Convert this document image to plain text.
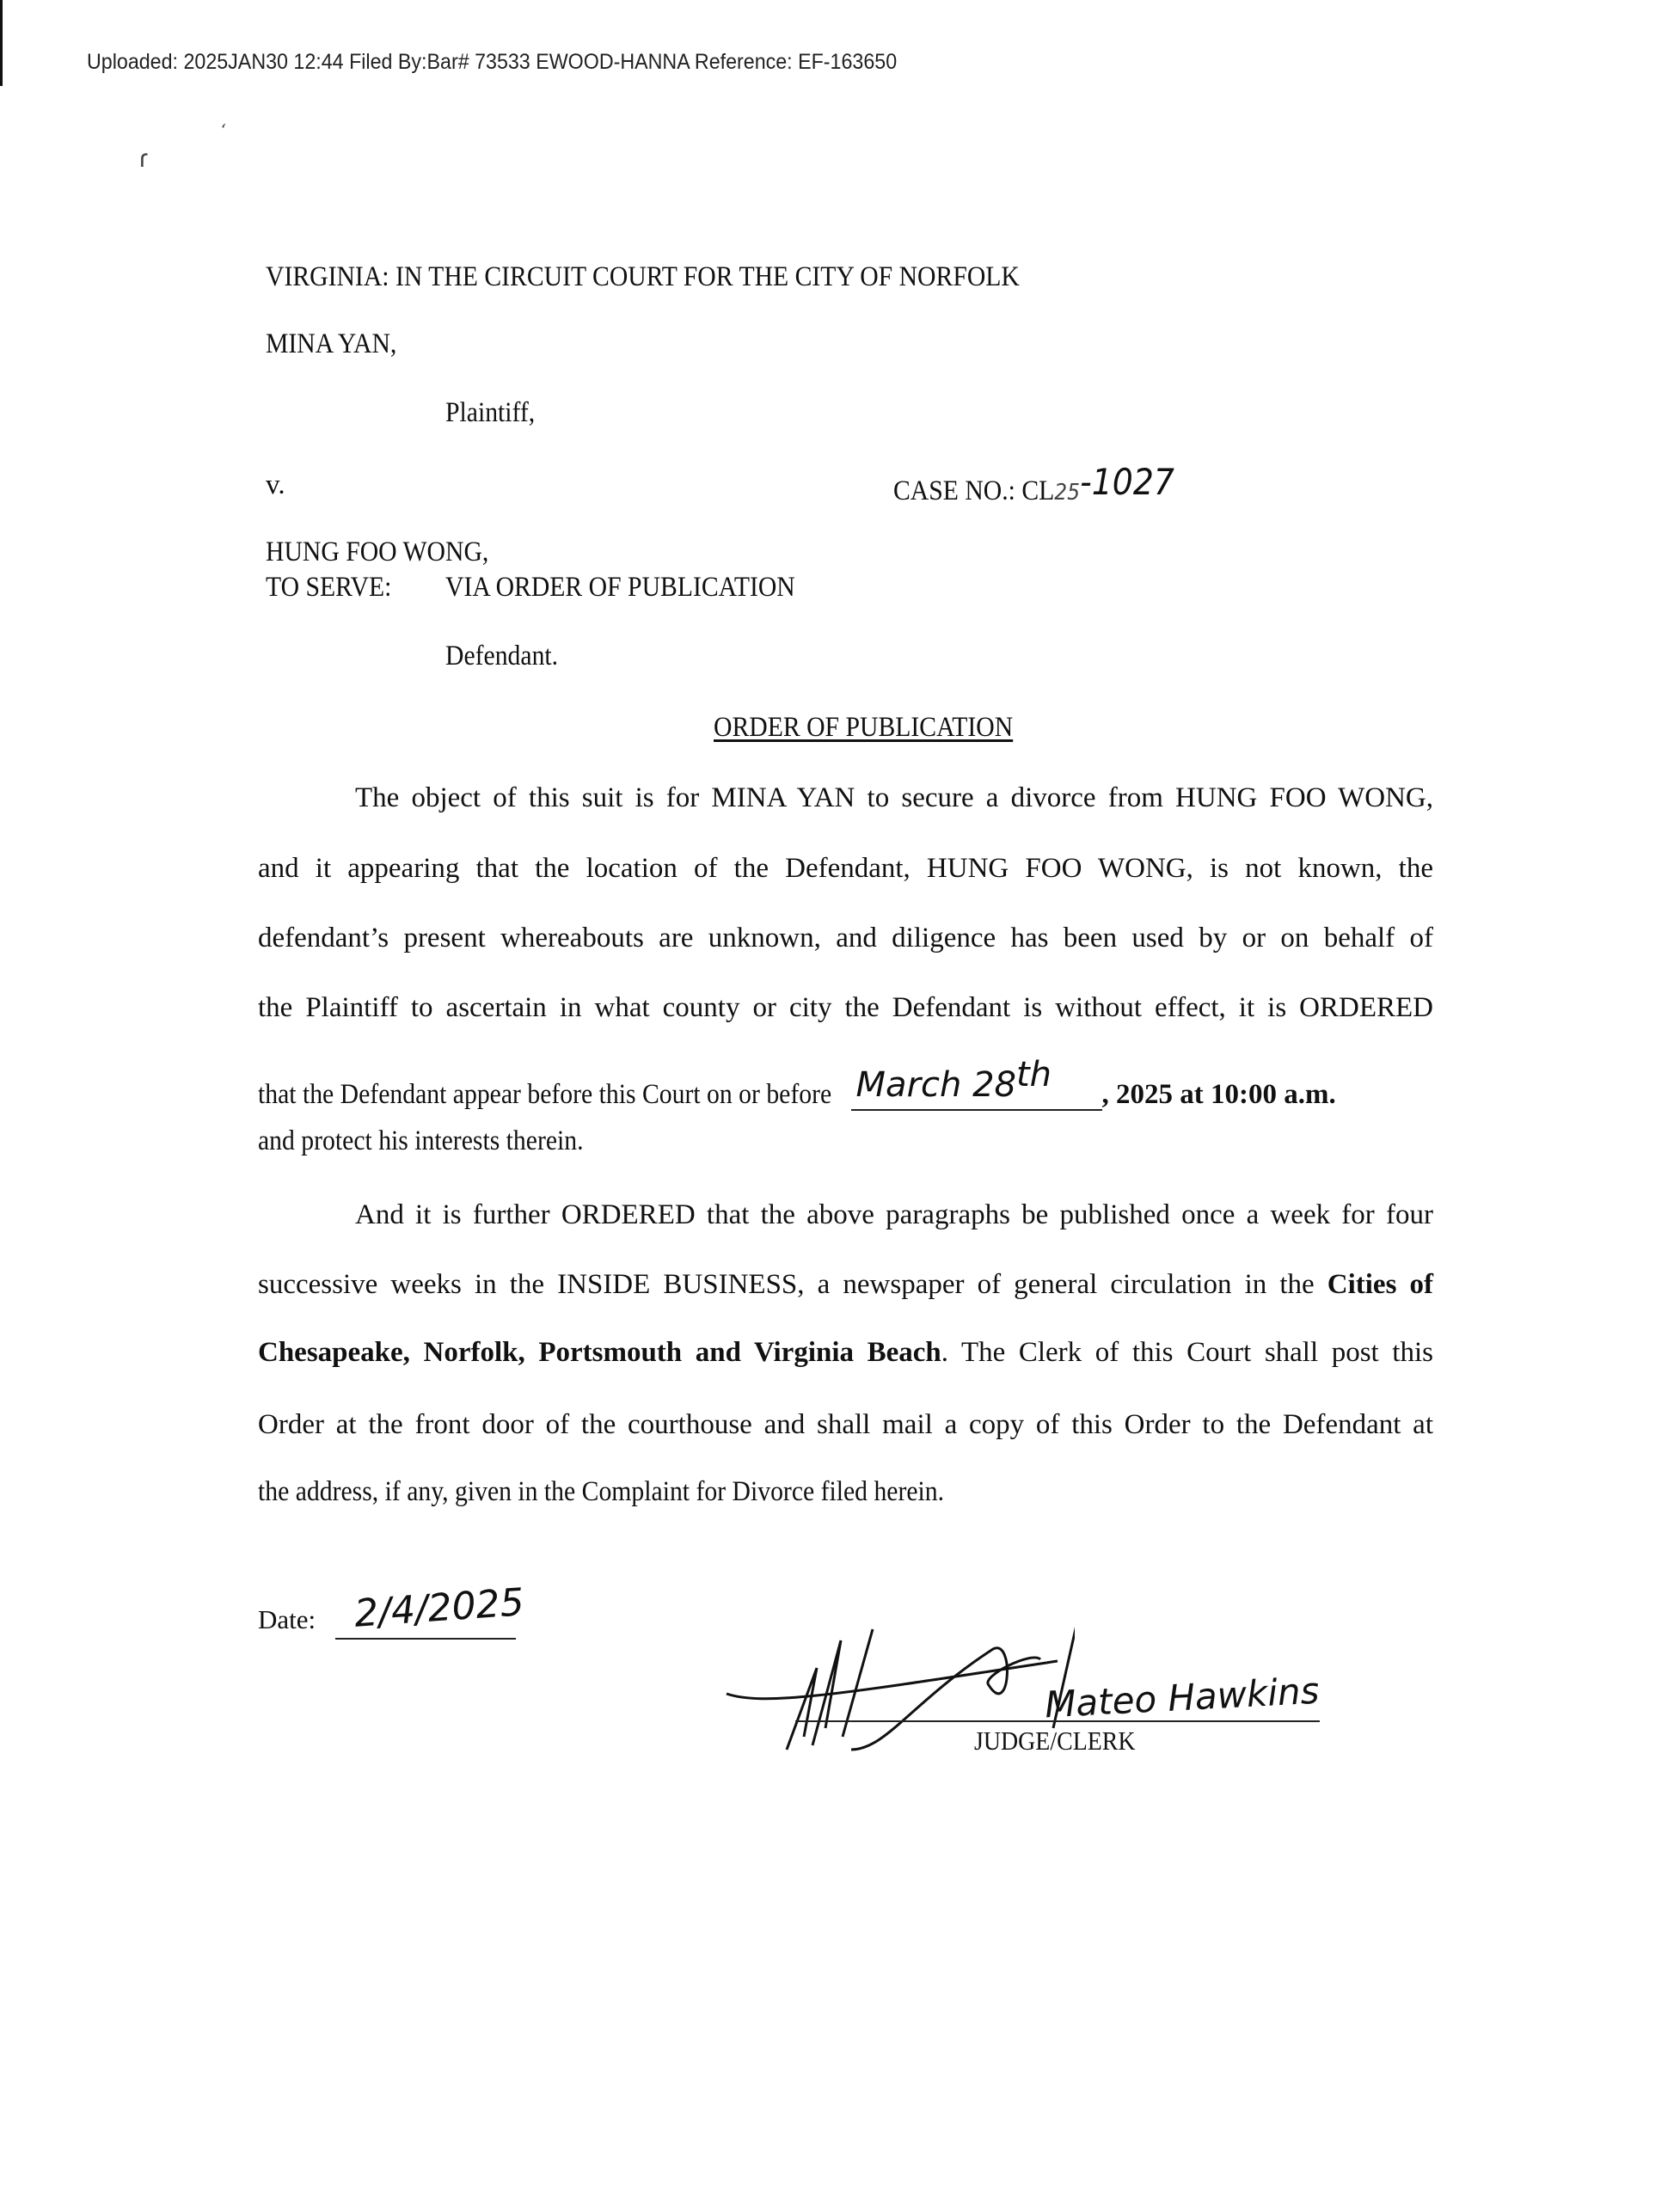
Uploaded: 2025JAN30 12:44 Filed By:Bar# 73533 EWOOD-HANNA Reference: EF-163650
ɾ
‘
VIRGINIA: IN THE CIRCUIT COURT FOR THE CITY OF NORFOLK
MINA YAN,
Plaintiff,
v.	CASE NO.: CL25-1027
HUNG FOO WONG,
TO SERVE: VIA ORDER OF PUBLICATION
Defendant.
ORDER OF PUBLICATION
The object of this suit is for MINA YAN to secure a divorce from HUNG FOO WONG,
and it appearing that the location of the Defendant, HUNG FOO WONG, is not known, the
defendant’s present whereabouts are unknown, and diligence has been used by or on behalf of
the Plaintiff to ascertain in what county or city the Defendant is without effect, it is ORDERED
that the Defendant appear before this Court on or before March 28th , 2025 at 10:00 a.m.
and protect his interests therein.
And it is further ORDERED that the above paragraphs be published once a week for four
successive weeks in the INSIDE BUSINESS, a newspaper of general circulation in the Cities of
Chesapeake, Norfolk, Portsmouth and Virginia Beach. The Clerk of this Court shall post this
Order at the front door of the courthouse and shall mail a copy of this Order to the Defendant at
the address, if any, given in the Complaint for Divorce filed herein.
Date: 2/4/2025
Mateo Hawkins
JUDGE/CLERK
